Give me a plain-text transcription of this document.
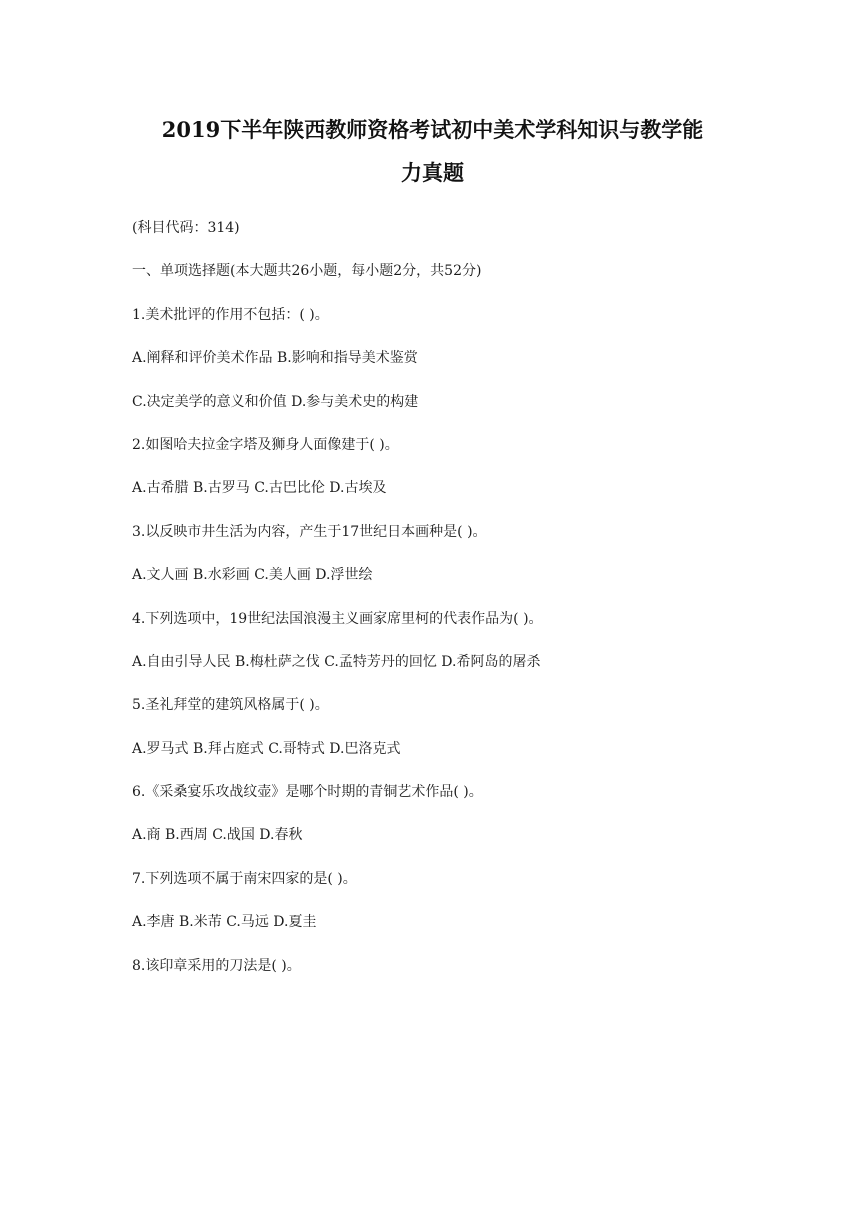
2019下半年陕西教师资格考试初中美术学科知识与教学能
力真题
(科目代码：314)
一、单项选择题(本大题共26小题，每小题2分，共52分)
1.美术批评的作用不包括：( )。
A.阐释和评价美术作品 B.影响和指导美术鉴赏
C.决定美学的意义和价值 D.参与美术史的构建
2.如图哈夫拉金字塔及狮身人面像建于( )。
A.古希腊 B.古罗马 C.古巴比伦 D.古埃及
3.以反映市井生活为内容，产生于17世纪日本画种是( )。
A.文人画 B.水彩画 C.美人画 D.浮世绘
4.下列选项中，19世纪法国浪漫主义画家席里柯的代表作品为( )。
A.自由引导人民 B.梅杜萨之伐 C.孟特芳丹的回忆 D.希阿岛的屠杀
5.圣礼拜堂的建筑风格属于( )。
A.罗马式 B.拜占庭式 C.哥特式 D.巴洛克式
6.《采桑宴乐攻战纹壶》是哪个时期的青铜艺术作品( )。
A.商 B.西周 C.战国 D.春秋
7.下列选项不属于南宋四家的是( )。
A.李唐 B.米芾 C.马远 D.夏圭
8.该印章采用的刀法是( )。
